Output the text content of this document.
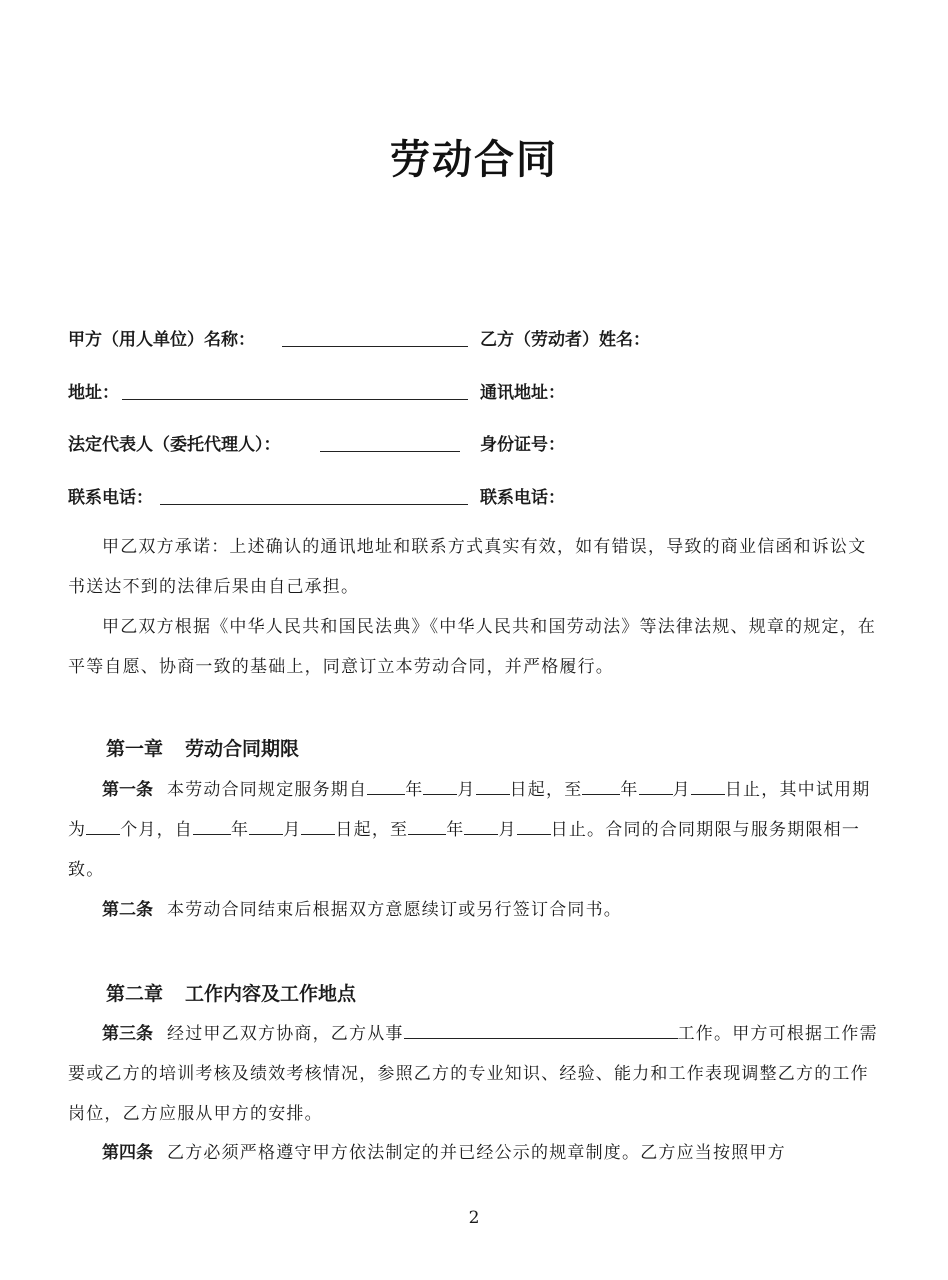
劳动合同
甲方（用人单位）名称：	乙方（劳动者）姓名：
地址：	通讯地址：
法定代表人（委托代理人）：	身份证号：
联系电话：	联系电话：

甲乙双方承诺：上述确认的通讯地址和联系方式真实有效，如有错误，导致的商业信函和诉讼文书送达不到的法律后果由自己承担。

甲乙双方根据《中华人民共和国民法典》《中华人民共和国劳动法》等法律法规、规章的规定，在平等自愿、协商一致的基础上，同意订立本劳动合同，并严格履行。

第一章 劳动合同期限

第一条 本劳动合同规定服务期自 年 月 日起，至 年 月 日止，其中试用期为 个月，自 年 月 日起，至 年 月 日止。合同的合同期限与服务期限相一致。

第二条 本劳动合同结束后根据双方意愿续订或另行签订合同书。

第二章 工作内容及工作地点

第三条 经过甲乙双方协商，乙方从事	工作。甲方可根据工作需要或乙方的培训考核及绩效考核情况，参照乙方的专业知识、经验、能力和工作表现调整乙方的工作岗位，乙方应服从甲方的安排。

第四条 乙方必须严格遵守甲方依法制定的并已经公示的规章制度。乙方应当按照甲方

2
